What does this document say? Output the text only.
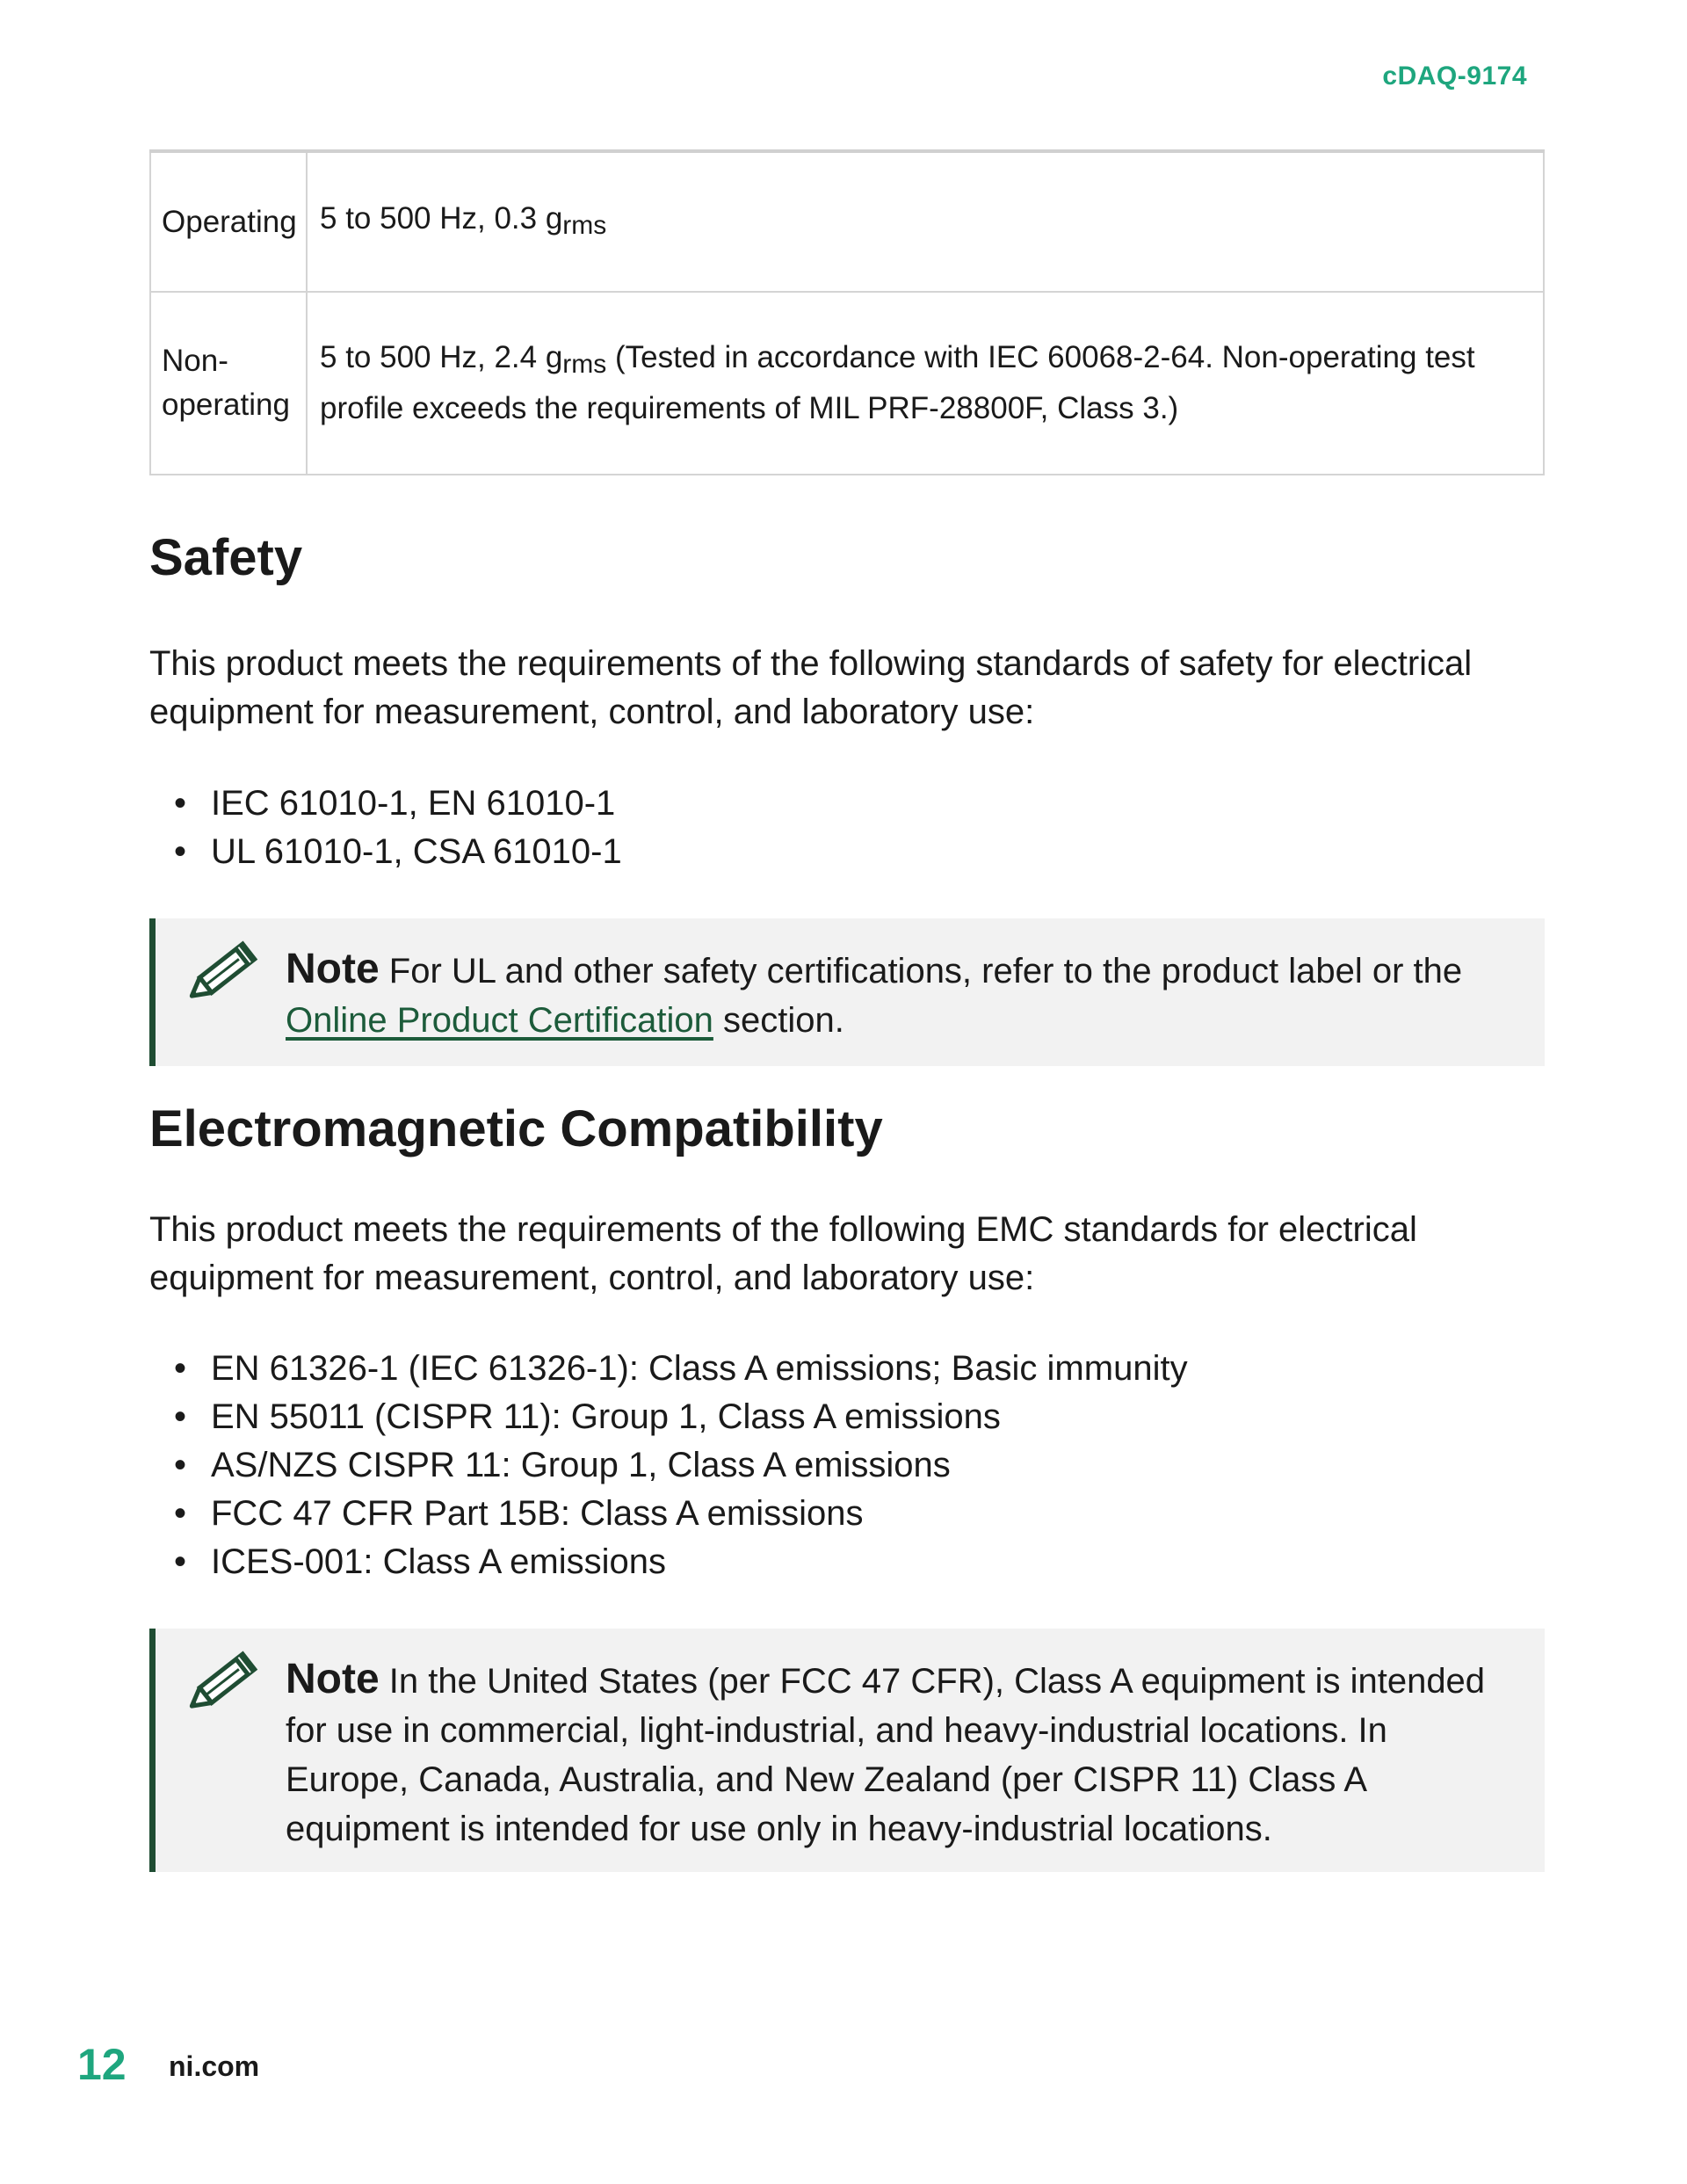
cDAQ-9174
Operating	5 to 500 Hz, 0.3 grms
Non-
operating	5 to 500 Hz, 2.4 grms (Tested in accordance with IEC 60068-2-64. Non-operating test profile exceeds the requirements of MIL PRF-28800F, Class 3.)
Safety

This product meets the requirements of the following standards of safety for electrical equipment for measurement, control, and laboratory use:

• IEC 61010-1, EN 61010-1
• UL 61010-1, CSA 61010-1
Note For UL and other safety certifications, refer to the product label or the Online Product Certification section.
Electromagnetic Compatibility

This product meets the requirements of the following EMC standards for electrical equipment for measurement, control, and laboratory use:

• EN 61326-1 (IEC 61326-1): Class A emissions; Basic immunity
• EN 55011 (CISPR 11): Group 1, Class A emissions
• AS/NZS CISPR 11: Group 1, Class A emissions
• FCC 47 CFR Part 15B: Class A emissions
• ICES-001: Class A emissions
Note In the United States (per FCC 47 CFR), Class A equipment is intended for use in commercial, light-industrial, and heavy-industrial locations. In Europe, Canada, Australia, and New Zealand (per CISPR 11) Class A equipment is intended for use only in heavy-industrial locations.
12 ni.com
